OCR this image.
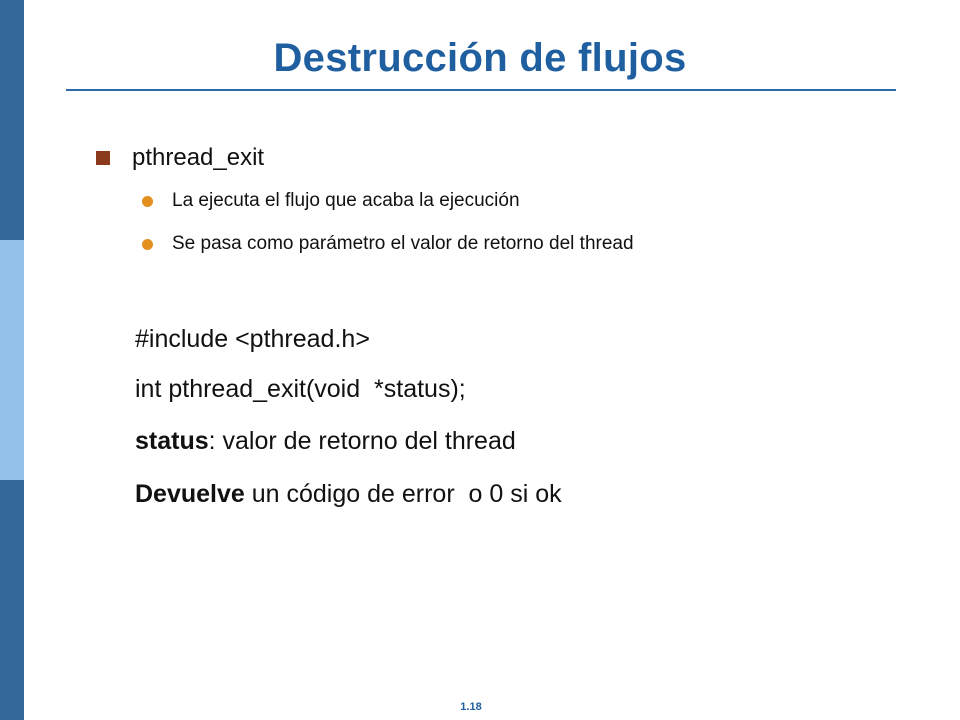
Destrucción de flujos
pthread_exit
La ejecuta el flujo que acaba la ejecución
Se pasa como parámetro el valor de retorno del thread
#include <pthread.h>
int pthread_exit(void  *status);
status: valor de retorno del thread
Devuelve un código de error  o 0 si ok
1.18
